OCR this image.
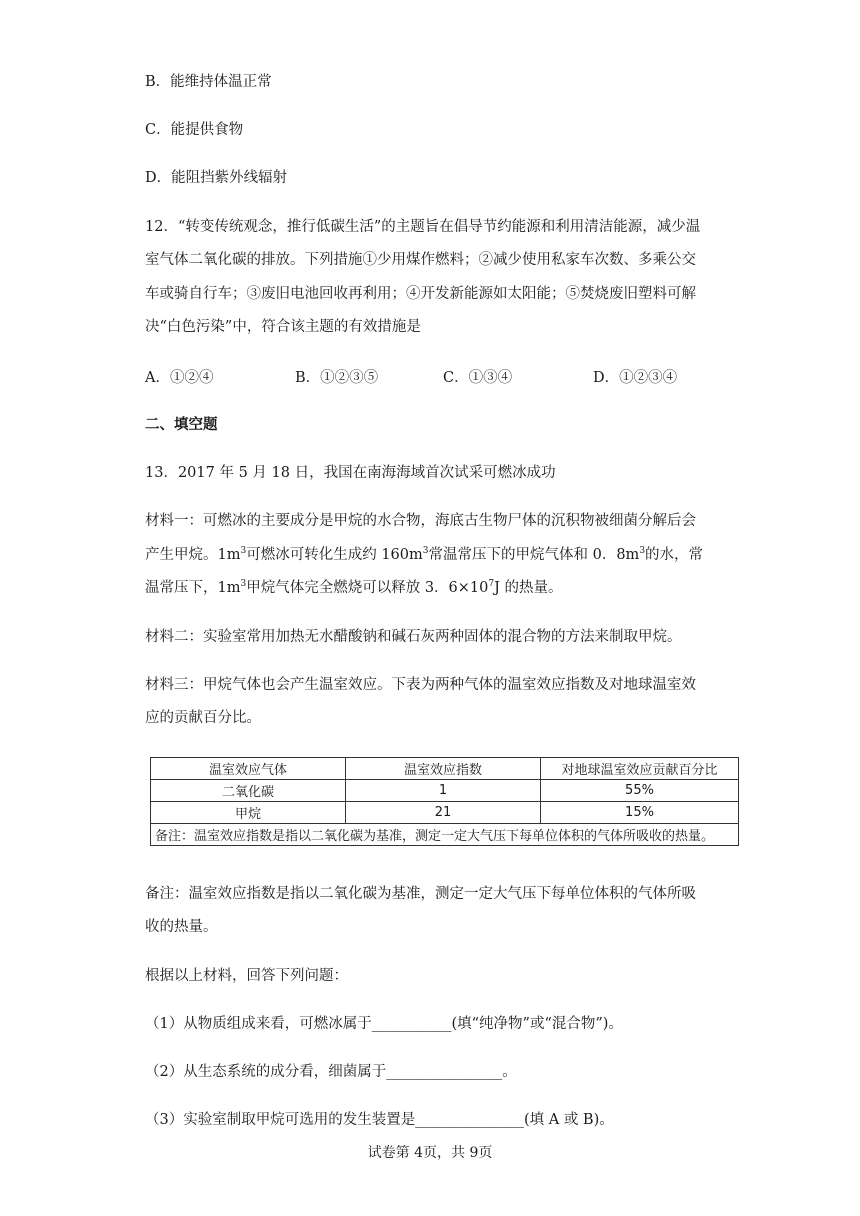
B．能维持体温正常
C．能提供食物
D．能阻挡紫外线辐射
12．“转变传统观念，推行低碳生活”的主题旨在倡导节约能源和利用清洁能源，减少温
室气体二氧化碳的排放。下列措施①少用煤作燃料；②减少使用私家车次数、多乘公交
车或骑自行车；③废旧电池回收再利用；④开发新能源如太阳能；⑤焚烧废旧塑料可解
决“白色污染”中，符合该主题的有效措施是
A．①②④	B．①②③⑤	C．①③④	D．①②③④
二、填空题
13．2017 年 5 月 18 日，我国在南海海域首次试采可燃冰成功
材料一：可燃冰的主要成分是甲烷的水合物，海底古生物尸体的沉积物被细菌分解后会
产生甲烷。$1m^3$可燃冰可转化生成约 $160m^3$常温常压下的甲烷气体和 0．$8m^3$的水，常
温常压下，$1m^3$甲烷气体完全燃烧可以释放 3．$6\times 10^7J$ 的热量。
材料二：实验室常用加热无水醋酸钠和碱石灰两种固体的混合物的方法来制取甲烷。
材料三：甲烷气体也会产生温室效应。下表为两种气体的温室效应指数及对地球温室效
应的贡献百分比。
温室效应气体	温室效应指数	对地球温室效应贡献百分比
二氧化碳	1	55%
甲烷	21	15%
备注：温室效应指数是指以二氧化碳为基准，测定一定大气压下每单位体积的气体所吸收的热量。		
备注：温室效应指数是指以二氧化碳为基准，测定一定大气压下每单位体积的气体所吸
收的热量。
根据以上材料，回答下列问题：
（1）从物质组成来看，可燃冰属于___________(填“纯净物”或“混合物”)。
（2）从生态系统的成分看，细菌属于________________。
（3）实验室制取甲烷可选用的发生装置是_______________(填 A 或 B)。
试卷第 4页，共 9页
